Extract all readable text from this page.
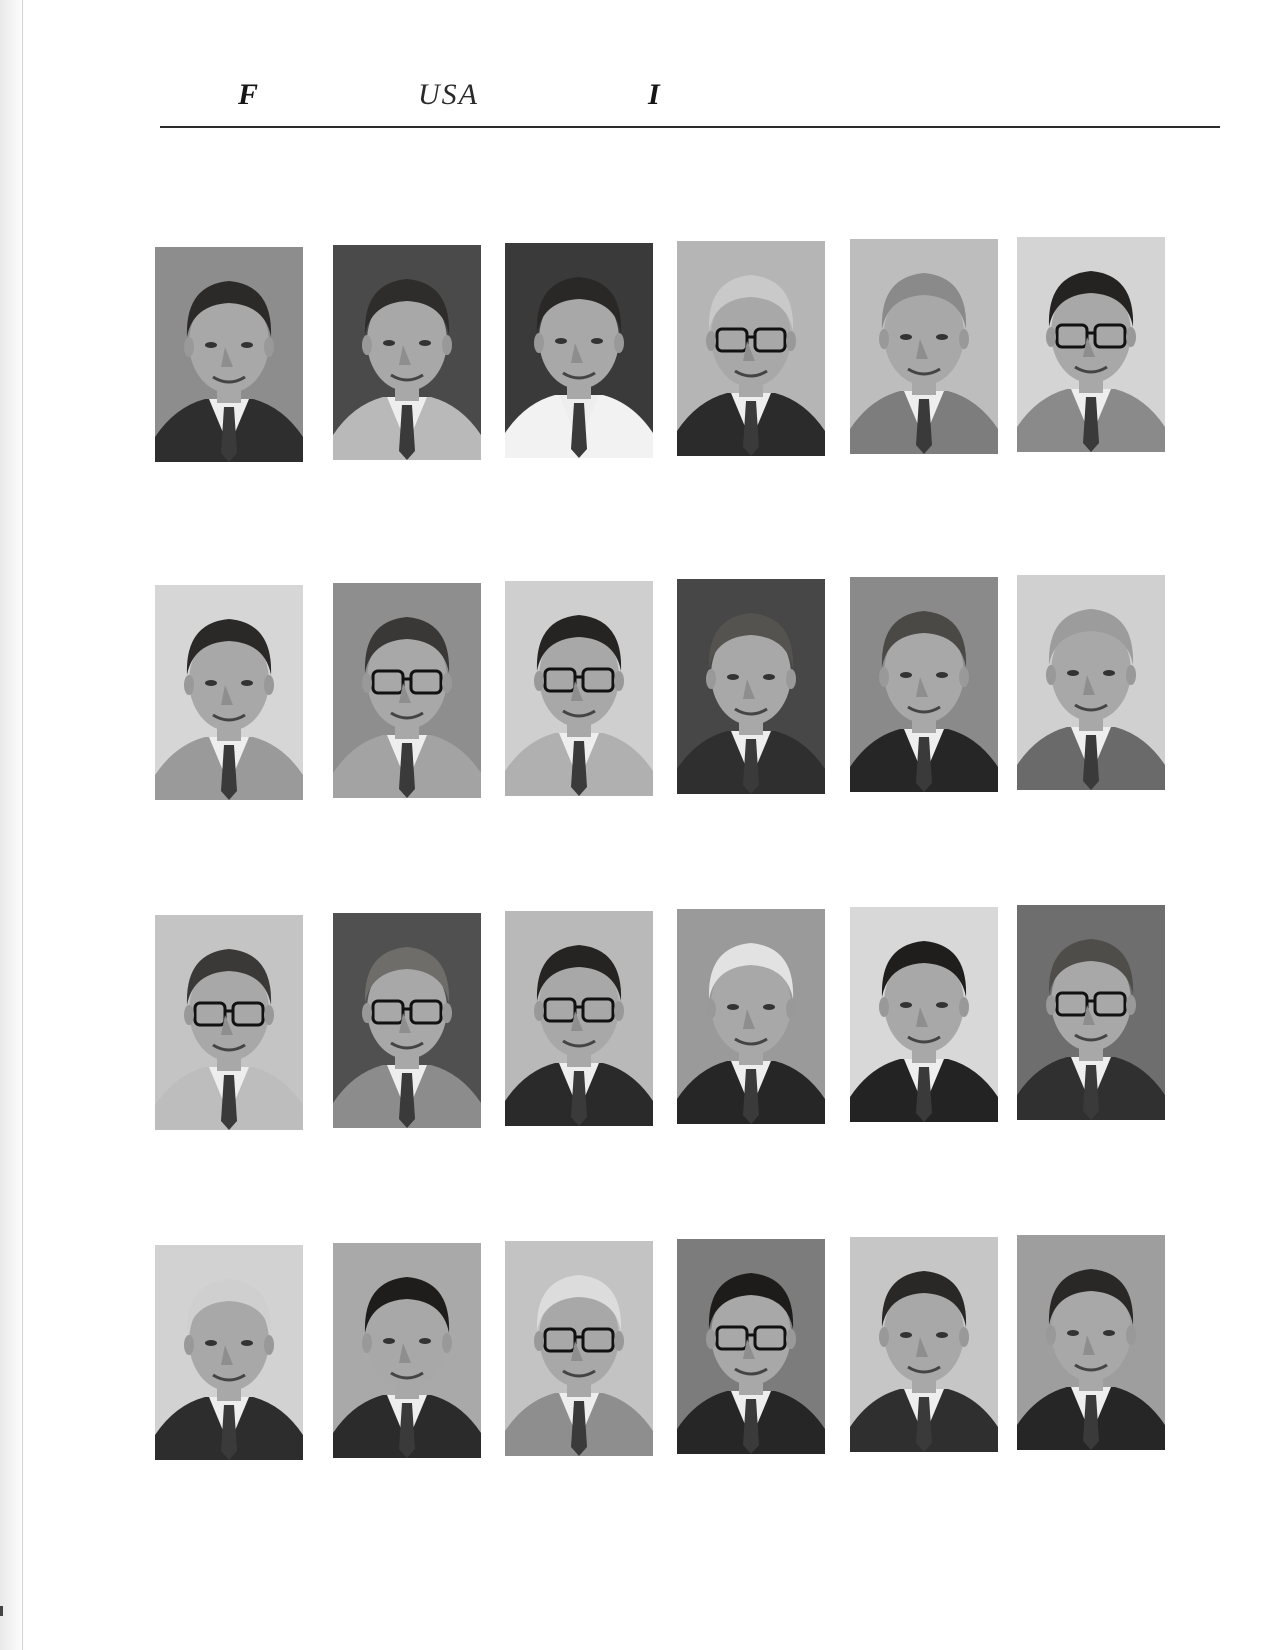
F	USA	I
